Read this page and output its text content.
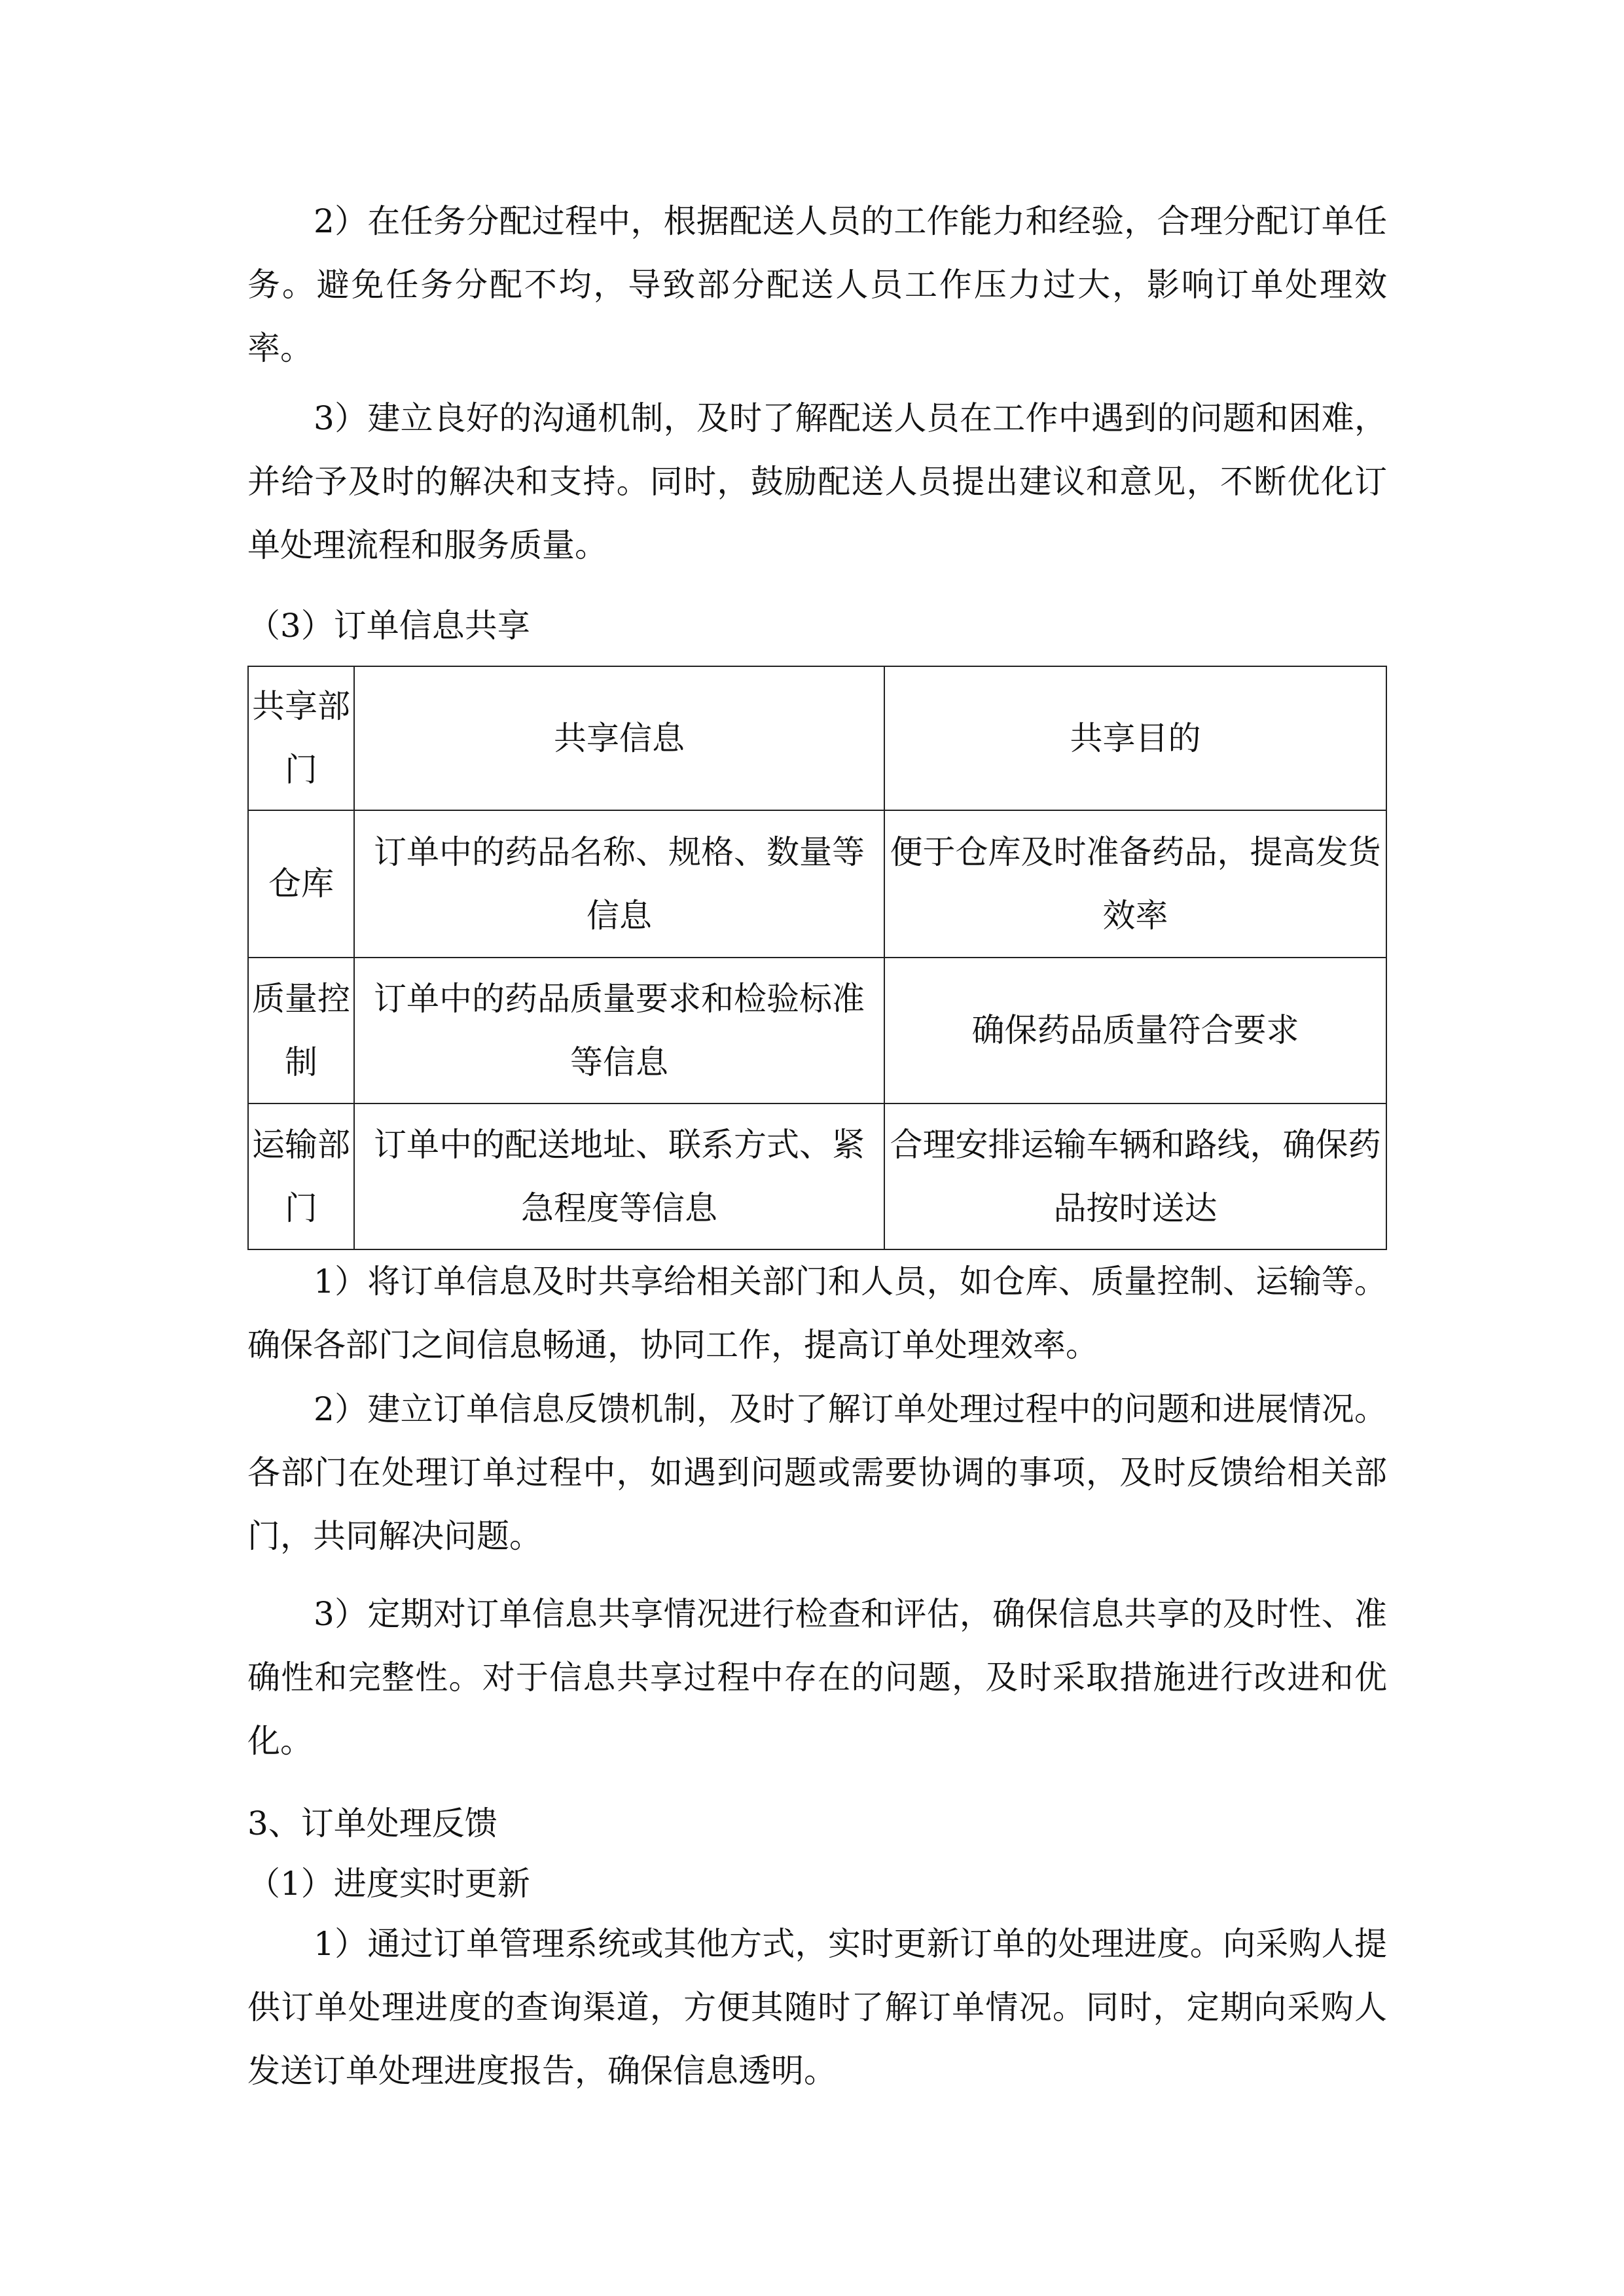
2）在任务分配过程中，根据配送人员的工作能力和经验，合理分配订单任务。避免任务分配不均，导致部分配送人员工作压力过大，影响订单处理效率。
3）建立良好的沟通机制，及时了解配送人员在工作中遇到的问题和困难，并给予及时的解决和支持。同时，鼓励配送人员提出建议和意见，不断优化订单处理流程和服务质量。
（3）订单信息共享
共享部门	共享信息	共享目的
仓库	订单中的药品名称、规格、数量等信息	便于仓库及时准备药品，提高发货效率
质量控制	订单中的药品质量要求和检验标准等信息	确保药品质量符合要求
运输部门	订单中的配送地址、联系方式、紧急程度等信息	合理安排运输车辆和路线，确保药品按时送达
1）将订单信息及时共享给相关部门和人员，如仓库、质量控制、运输等。确保各部门之间信息畅通，协同工作，提高订单处理效率。
2）建立订单信息反馈机制，及时了解订单处理过程中的问题和进展情况。各部门在处理订单过程中，如遇到问题或需要协调的事项，及时反馈给相关部门，共同解决问题。
3）定期对订单信息共享情况进行检查和评估，确保信息共享的及时性、准确性和完整性。对于信息共享过程中存在的问题，及时采取措施进行改进和优化。
3、订单处理反馈
（1）进度实时更新
1）通过订单管理系统或其他方式，实时更新订单的处理进度。向采购人提供订单处理进度的查询渠道，方便其随时了解订单情况。同时，定期向采购人发送订单处理进度报告，确保信息透明。
